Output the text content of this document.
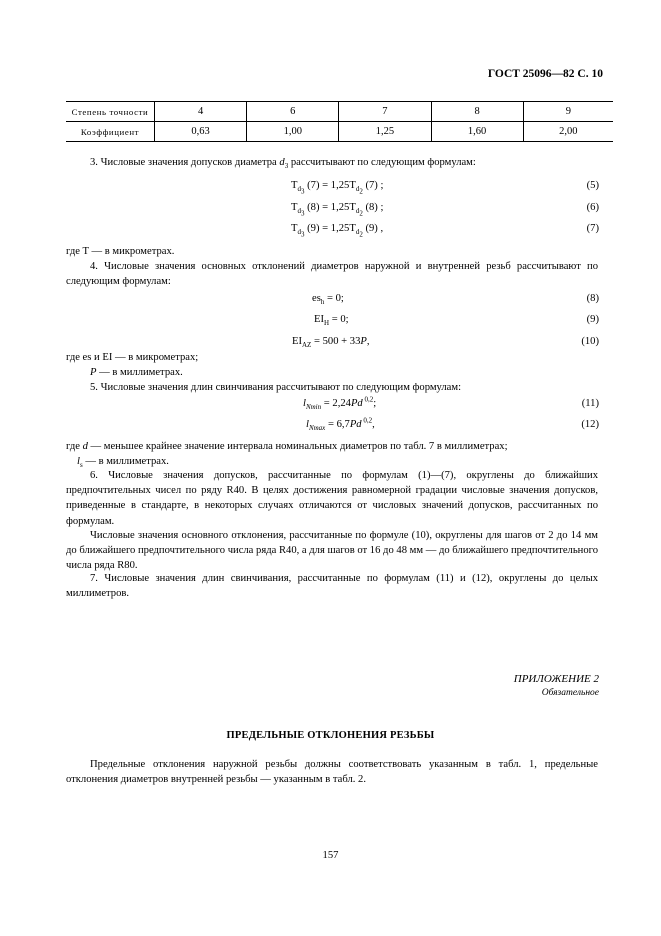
ГОСТ 25096—82 С. 10
Степень точности	4	6	7	8	9
Коэффициент	0,63	1,00	1,25	1,60	2,00
3. Числовые значения допусков диаметра $d_3$ рассчитывают по следующим формулам:
$T_{d_3}$ $(7) = 1,25T_{d_2}$ (7) ;	(5)
$T_{d_3}$ $(8) = 1,25T_{d_2}$ (8) ;	(6)
$T_{d_3}$ $(9) = 1,25T_{d_2}$ (9) ,	(7)
где T — в микрометрах.
4. Числовые значения основных отклонений диаметров наружной и внутренней резьб рассчитывают по следующим формулам:
$es_h = 0$;	(8)
$EI_H = 0$;	(9)
$EI_{AZ} = 500 + 33P$,	(10)
где es и EI — в микрометрах;
P — в миллиметрах.
5. Числовые значения длин свинчивания рассчитывают по следующим формулам:
$l_{Nmin} = 2,24Pd$ $^{0,2}$;	(11)
$l_{Nmax} = 6,7Pd$ $^{0,2}$,	(12)
где d — меньшее крайнее значение интервала номинальных диаметров по табл. 7 в миллиметрах;
$l_s$ — в миллиметрах.
6. Числовые значения допусков, рассчитанные по формулам (1)—(7), округлены до ближайших предпочтительных чисел по ряду R40. В целях достижения равномерной градации числовые значения допусков, приведенные в стандарте, в некоторых случаях отличаются от числовых значений допусков, рассчитанных по формулам.
Числовые значения основного отклонения, рассчитанные по формуле (10), округлены для шагов от 2 до 14 мм до ближайшего предпочтительного числа ряда R40, а для шагов от 16 до 48 мм — до ближайшего предпочтительного числа ряда R80.
7. Числовые значения длин свинчивания, рассчитанные по формулам (11) и (12), округлены до целых миллиметров.
ПРИЛОЖЕНИЕ 2
Обязательное
ПРЕДЕЛЬНЫЕ ОТКЛОНЕНИЯ РЕЗЬБЫ
Предельные отклонения наружной резьбы должны соответствовать указанным в табл. 1, предельные отклонения диаметров внутренней резьбы — указанным в табл. 2.
157
